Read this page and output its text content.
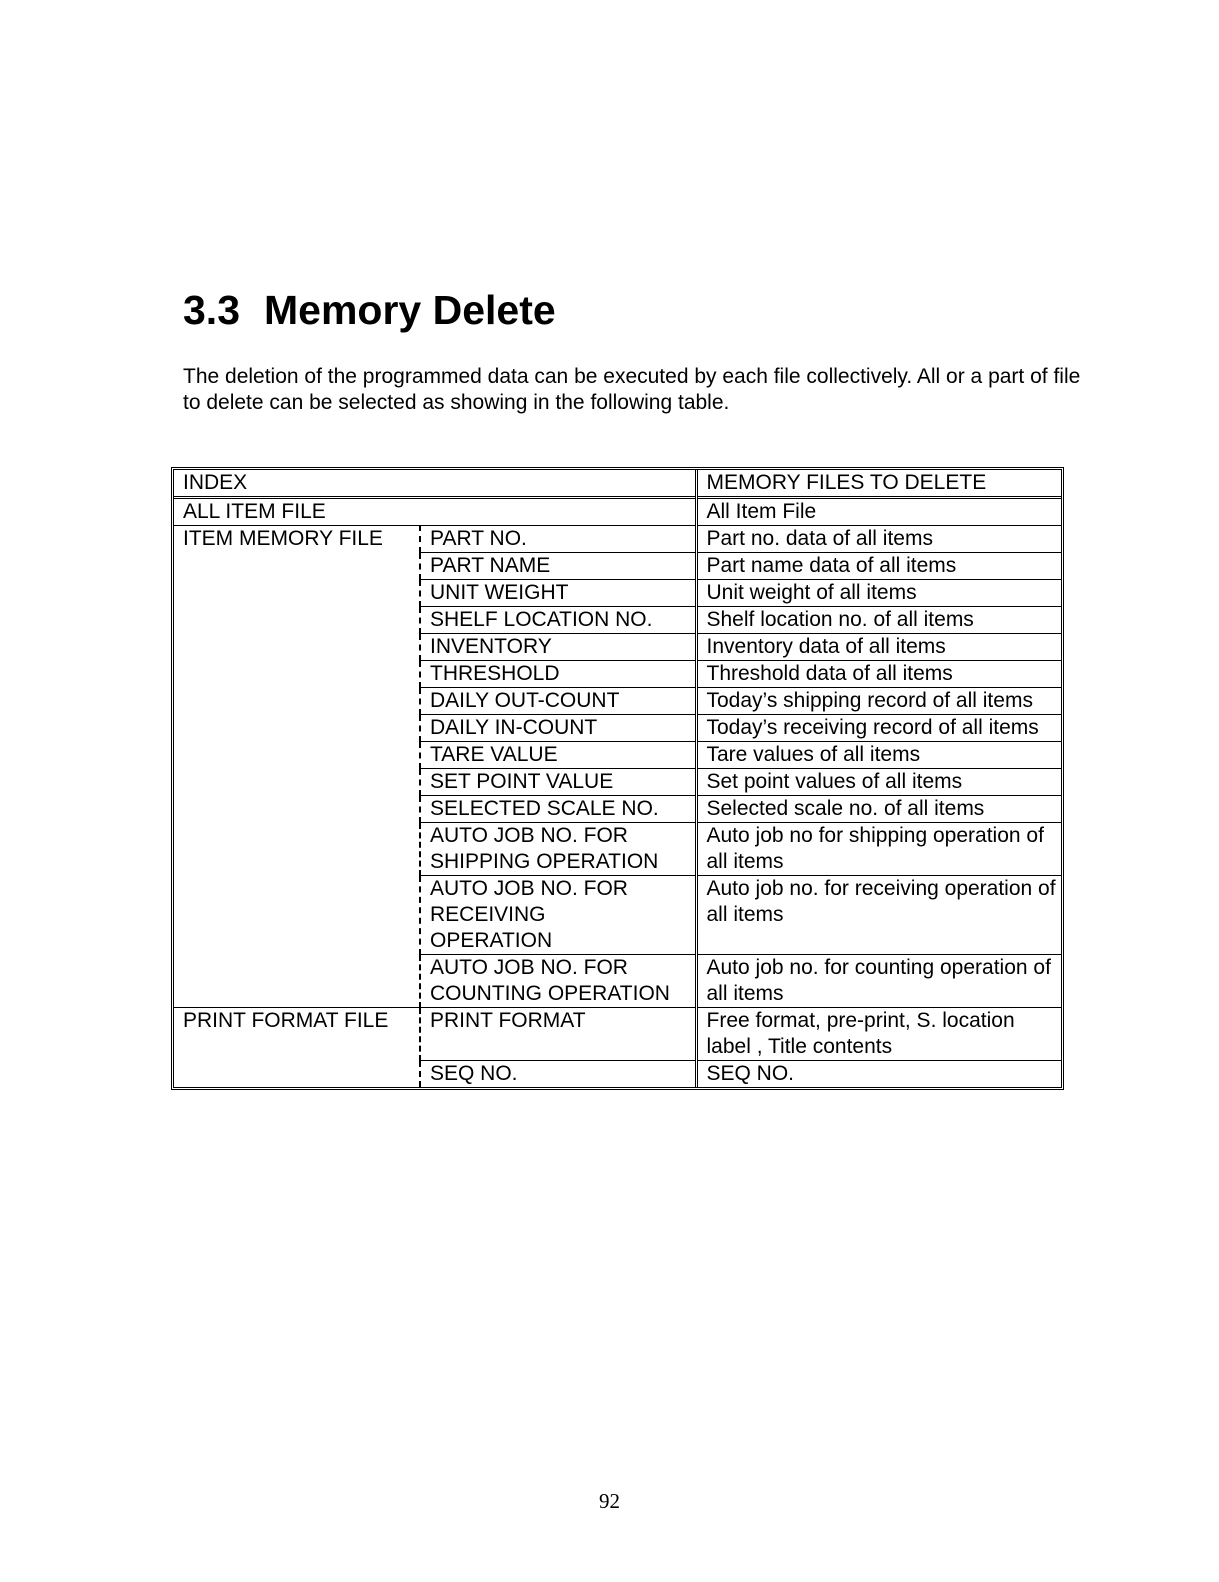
3.3 Memory Delete

The deletion of the programmed data can be executed by each file collectively. All or a part of file to delete can be selected as showing in the following table.

INDEX		MEMORY FILES TO DELETE
ALL ITEM FILE		All Item File
ITEM MEMORY FILE	PART NO.	Part no. data of all items
	PART NAME	Part name data of all items
	UNIT WEIGHT	Unit weight of all items
	SHELF LOCATION NO.	Shelf location no. of all items
	INVENTORY	Inventory data of all items
	THRESHOLD	Threshold data of all items
	DAILY OUT-COUNT	Today’s shipping record of all items
	DAILY IN-COUNT	Today’s receiving record of all items
	TARE VALUE	Tare values of all items
	SET POINT VALUE	Set point values of all items
	SELECTED SCALE NO.	Selected scale no. of all items
	AUTO JOB NO. FOR SHIPPING OPERATION	Auto job no for shipping operation of all items
	AUTO JOB NO. FOR RECEIVING OPERATION	Auto job no. for receiving operation of all items
	AUTO JOB NO. FOR COUNTING OPERATION	Auto job no. for counting operation of all items
PRINT FORMAT FILE	PRINT FORMAT	Free format, pre-print, S. location label , Title contents
	SEQ NO.	SEQ NO.
92
